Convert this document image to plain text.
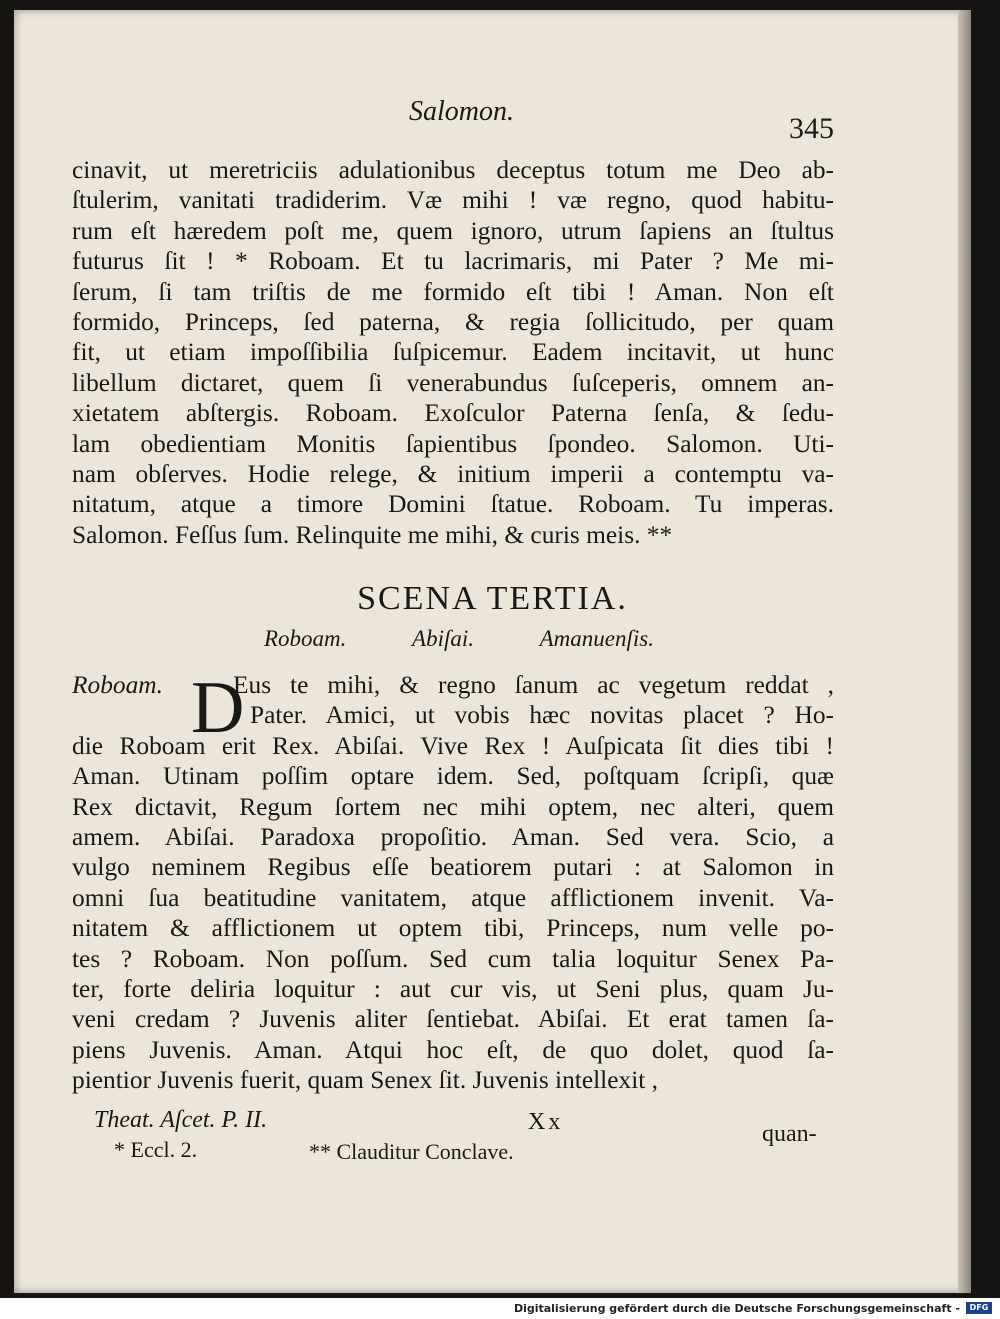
Salomon.
345
cinavit, ut meretriciis adulationibus deceptus totum me Deo ab-
ſtulerim, vanitati tradiderim. Væ mihi ! væ regno, quod habitu-
rum eſt hæredem poſt me, quem ignoro, utrum ſapiens an ſtultus
futurus ſit ! * Roboam. Et tu lacrimaris, mi Pater ? Me mi-
ſerum, ſi tam triſtis de me formido eſt tibi ! Aman. Non eſt
formido, Princeps, ſed paterna, & regia ſollicitudo, per quam
fit, ut etiam impoſſibilia ſuſpicemur. Eadem incitavit, ut hunc
libellum dictaret, quem ſi venerabundus ſuſceperis, omnem an-
xietatem abſtergis. Roboam. Exoſculor Paterna ſenſa, & ſedu-
lam obedientiam Monitis ſapientibus ſpondeo. Salomon. Uti-
nam obſerves. Hodie relege, & initium imperii a contemptu va-
nitatum, atque a timore Domini ſtatue. Roboam. Tu imperas.
Salomon. Feſſus ſum. Relinquite me mihi, & curis meis. **
SCENA TERTIA.
Roboam.	Abiſai.	Amanuenſis.
D
Roboam.	Eus te mihi, & regno ſanum ac vegetum reddat ,
Pater. Amici, ut vobis hæc novitas placet ? Ho-
die Roboam erit Rex. Abiſai. Vive Rex ! Auſpicata ſit dies tibi !
Aman. Utinam poſſim optare idem. Sed, poſtquam ſcripſi, quæ
Rex dictavit, Regum ſortem nec mihi optem, nec alteri, quem
amem. Abiſai. Paradoxa propoſitio. Aman. Sed vera. Scio, a
vulgo neminem Regibus eſſe beatiorem putari : at Salomon in
omni ſua beatitudine vanitatem, atque afflictionem invenit. Va-
nitatem & afflictionem ut optem tibi, Princeps, num velle po-
tes ? Roboam. Non poſſum. Sed cum talia loquitur Senex Pa-
ter, forte deliria loquitur : aut cur vis, ut Seni plus, quam Ju-
veni credam ? Juvenis aliter ſentiebat. Abiſai. Et erat tamen ſa-
piens Juvenis. Aman. Atqui hoc eſt, de quo dolet, quod ſa-
pientior Juvenis fuerit, quam Senex ſit. Juvenis intellexit ,
Theat. Aſcet. P. II.	Xx	quan-
* Eccl. 2.	** Clauditur Conclave.
Digitalisierung gefördert durch die Deutsche Forschungsgemeinschaft -	DFG
